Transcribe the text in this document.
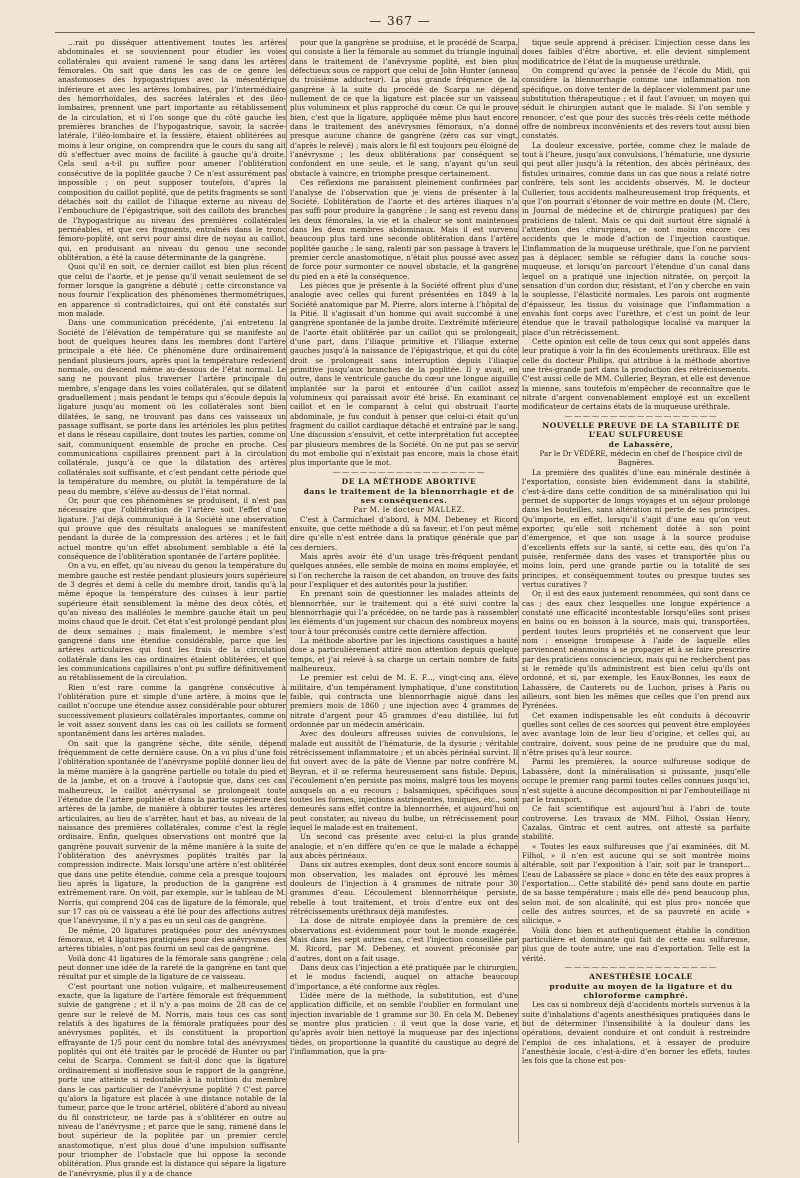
— 367 —

…rait pu disséquer attentivement toutes les artères abdominales et se souviennent pour étudier les voies collatérales qui avaient ramené le sang dans les artères fémorales. On sait que dans les cas de ce genre les anastomoses des hypogastriques avec la mésentérique inférieure et avec les artères lombaires, par l’intermédiaire des hémorrhoïdales, des sacrées latérales et des iléo-lombaires, prennent une part importante au rétablissement de la circulation, et si l’on songe que du côté gauche les premières branches de l’hypogastrique, savoir, la sacrée-latérale, l’iléo-lombaire et la fessière, étaient oblitérées au moins à leur origine, on comprendra que le cours du sang ait dû s’effectuer avec moins de facilité à gauche qu’à droite. Cela seul a-t-il pu suffire pour amener l’oblitération consécutive de la poplitée gauche ? Ce n’est assurément pas impossible ; on peut supposer toutefois, d’après la composition du caillot poplité, que de petits fragments se sont détachés soit du caillot de l’iliaque externe au niveau de l’embouchure de l’épigastrique, soit des caillots des branches de l’hypogastrique au niveau des premières collatérales perméables, et que ces fragments, entraînés dans le tronc fémoro-poplité, ont servi pour ainsi dire de noyau au caillot, qui, en produisant au niveau du genou une seconde oblitération, a été la cause déterminante de la gangrène.

Quoi qu’il en soit, ce dernier caillot est bien plus récent que celui de l’aorte, et je pense qu’il venait seulement de se former lorsque la gangrène a débuté ; cette circonstance va nous fournir l’explication des phénomènes thermométriques, en apparence si contradictoires, qui ont été constatés sur mon malade.

Dans une communication précédente, j’ai entretenu la Société de l’élévation de température qui se manifeste au bout de quelques heures dans les membres dont l’artère principale a été liée. Ce phénomène dure ordinairement pendant plusieurs jours, après quoi la température redevient normale, ou descend même au-dessous de l’état normal. Le sang ne pouvant plus traverser l’artère principale du membre, s’engage dans les voies collatérales, qui se dilatent graduellement ; mais pendant le temps qui s’écoule depuis la ligature jusqu’au moment où les collatérales sont bien dilatées, le sang, ne trouvant pas dans ces vaisseaux un passage suffisant, se porte dans les artérioles les plus petites et dans le réseau capillaire, dont toutes les parties, comme on sait, communiquent ensemble de proche en proche. Ces communications capillaires prennent part à la circulation collatérale, jusqu’à ce que la dilatation des artères collatérales soit suffisante, et c’est pendant cette période que la température du membre, ou plutôt la température de la peau du membre, s’élève au-dessus de l’état normal.

Or, pour que ces phénomènes se produisent, il n’est pas nécessaire que l’oblitération de l’artère soit l’effet d’une ligature. J’ai déjà communiqué à la Société une observation qui prouve que des résultats analogues se manifestent pendant la durée de la compression des artères ; et le fait actuel montre qu’un effet absolument semblable a été la conséquence de l’oblitération spontanée de l’artère poplitée.

On a vu, en effet, qu’au niveau du genou la température du membre gauche est restée pendant plusieurs jours supérieure de 3 degrés et demi à celle du membre droit, tandis qu’à la même époque la température des cuisses à leur partie supérieure était sensiblement la même des deux côtés, et qu’au niveau des malléoles le membre gauche était un peu moins chaud que le droit. Cet état s’est prolongé pendant plus de deux semaines ; mais finalement, le membre s’est gangrené dans une étendue considérable, parce que les artères articulaires qui font les frais de la circulation collatérale dans les cas ordinaires étaient oblitérées, et que les communications capillaires n’ont pu suffire définitivement au rétablissement de la circulation.

Rien n’est rare comme la gangrène consécutive à l’oblitération pure et simple d’une artère, à moins que le caillot n’occupe une étendue assez considérable pour obturer successivement plusieurs collatérales importantes, comme on le voit assez souvent dans les cas où les caillots se forment spontanément dans les artères malades.

On sait que la gangrène sèche, dite sénile, dépend fréquemment de cette dernière cause. On a vu plus d’une fois l’oblitération spontanée de l’anévrysme poplité donner lieu de la même manière à la gangrène partielle ou totale du pied et de la jambe, et on a trouvé à l’autopsie que, dans ces cas malheureux, le caillot anévrysmal se prolongeait toute l’étendue de l’artère poplitée et dans la partie supérieure des artères de la jambe, de manière à obturer toutes les artères articulaires, au lieu de s’arrêter, haut et bas, au niveau de la naissance des premières collatérales, comme c’est la règle ordinaire. Enfin, quelques observations ont montré que la gangrène pouvait survenir de la même manière à la suite de l’oblitération des anévrysmes poplités traités par la compression indirecte. Mais lorsqu’une artère n’est oblitérée que dans une petite étendue, comme cela a presque toujours lieu après la ligature, la production de la gangrène est extrêmement rare. On voit, par exemple, sur le tableau de M. Norris, qui comprend 204 cas de ligature de la fémorale, que sur 17 cas où ce vaisseau a été lié pour des affections autres que l’anévrysme, il n’y a pas eu un seul cas de gangrène.

De même, 20 ligatures pratiquées pour des anévrysmes fémoraux, et 4 ligatures pratiquées pour des anévrysmes des artères tibiales, n’ont pas fourni un seul cas de gangrène.

Voilà donc 41 ligatures de la fémorale sans gangrène ; cela peut donner une idée de la rareté de la gangrène en tant que résultat pur et simple de la ligature de ce vaisseau.

C’est pourtant une notion vulgaire, et malheureusement exacte, que la ligature de l’artère fémorale est fréquemment suivie de gangrène ; et il n’y a pas moins de 28 cas de ce genre sur le relevé de M. Norris, mais tous ces cas sont relatifs à des ligatures de la fémorale pratiquées pour des anévrysmes poplités, et ils constituent la proportion effrayante de 1/5 pour cent du nombre total des anévrysmes poplités qui ont été traités par le procédé de Hunter ou par celui de Scarpa. Comment se fait-il donc que la ligature ordinairement si inoffensive sous le rapport de la gangrène, porte une atteinte si redoutable à la nutrition du membre dans le cas particulier de l’anévrysme poplité ? C’est parce qu’alors la ligature est placée à une distance notable de la tumeur, parce que le tronc artériel, oblitéré d’abord au niveau du fil constricteur, ne tarde pas à s’oblitérer en outre au niveau de l’anévrysme ; et parce que le sang, ramené dans le bout supérieur de la poplitée par un premier cercle anastomotique, n’est plus doué d’une impulsion suffisante pour triompher de l’obstacle que lui oppose la seconde oblitération. Plus grande est la distance qui sépare la ligature de l’anévrysme, plus il y a de chance

pour que la gangrène se produise, et le procédé de Scarpa, qui consiste à lier la fémorale au sommet du triangle inguinal dans le traitement de l’anévrysme poplité, est bien plus défectueux sous ce rapport que celui de John Hunter (anneau du troisième adducteur). La plus grande fréquence de la gangrène à la suite du procédé de Scarpa ne dépend nullement de ce que la ligature est placée sur un vaisseau plus volumineux et plus rapproché du cœur. Ce qui le prouve bien, c’est que la ligature, appliquée même plus haut encore dans le traitement des anévrysmes fémoraux, n’a donné presque aucune chance de gangrène (zéro cas sur vingt, d’après le relevé) ; mais alors le fil est toujours peu éloigné de l’anévrysme ; les deux oblitérations par conséquent se confondent en une seule, et le sang, n’ayant qu’un seul obstacle à vaincre, en triomphe presque certainement.

Ces réflexions me paraissent pleinement confirmées par l’analyse de l’observation que je viens de présenter à la Société. L’oblitération de l’aorte et des artères iliaques n’a pas suffi pour produire la gangrène ; le sang est revenu dans les deux fémorales, la vie et la chaleur se sont maintenues dans les deux membres abdominaux. Mais il est survenu beaucoup plus tard une seconde oblitération dans l’artère poplitée gauche ; le sang, ralenti par son passage à travers le premier cercle anastomotique, n’était plus poussé avec assez de force pour surmonter ce nouvel obstacle, et la gangrène du pied en a été la conséquence.

Les pièces que je présente à la Société offrent plus d’une analogie avec celles qui furent présentées en 1849 à la Société anatomique par M. Pierre, alors interne à l’hôpital de la Pitié. Il s’agissait d’un homme qui avait succombé à une gangrène spontanée de la jambe droite. L’extrémité inférieure de l’aorte était oblitérée par un caillot qui se prolongeait, d’une part, dans l’iliaque primitive et l’iliaque externe gauches jusqu’à la naissance de l’épigastrique, et qui du côté droit se prolongeait sans interruption depuis l’iliaque primitive jusqu’aux branches de la poplitée. Il y avait, en outre, dans le ventricule gauche du cœur une longue aiguille implantée sur la paroi et entourée d’un caillot assez volumineux qui paraissait avoir été brisé. En examinant ce caillot et en le comparant à celui qui obstruait l’aorte abdominale, je fus conduit à penser que celui-ci était qu’un fragment du caillot cardiaque détaché et entraîné par le sang. Une discussion s’ensuivit, et cette interprétation fut acceptée par plusieurs membres de la Société. On ne put pas se servir du mot embolie qui n’existait pas encore, mais la chose était plus importante que le mot.

⁓⁓⁓⁓⁓⁓⁓⁓⁓⁓⁓⁓⁓⁓⁓⁓⁓

DE LA MÉTHODE ABORTIVE

dans le traitement de la blennorrhagie et de ses conséquences.

Par M. le docteur MALLEZ.

C’est à Carmichael d’abord, à MM. Debeney et Ricord ensuite, que cette méthode a dû sa faveur, et l’on peut même dire qu’elle n’est entrée dans la pratique générale que par ces derniers.

Mais après avoir été d’un usage très-fréquent pendant quelques années, elle semble de moins en moins employée, et si l’on recherche la raison de cet abandon, on trouve des faits pour l’expliquer et des autorités pour la justifier.

En prenant soin de questionner les malades atteints de blennorrhée, sur le traitement qui a été suivi contre la blennorrhagie qui l’a précédée, on ne tarde pas à rassembler les éléments d’un jugement sur chacun des nombreux moyens tour à tour préconisés contre cette dernière affection.

La méthode abortive par les injections caustiques a hauté dose a particulièrement attiré mon attention depuis quelque temps, et j’ai relevé à sa charge un certain nombre de faits malheureux.

Le premier est celui de M. E. F..., vingt-cinq ans, élève militaire, d’un tempérament lymphatique, d’une constitution faible, qui contracta une blennorrhagie aiguë dans les premiers mois de 1860 ; une injection avec 4 grammes de nitrate d’argent pour 45 grammes d’eau distillée, lui fut ordonnée par un médecin américain.

Avec des douleurs affreuses suivies de convulsions, le malade eut aussitôt de l’hématurie, de la dysurie ; véritable rétrécissement inflammatoire ; et un abcès périnéal survint. Il fut ouvert avec de la pâte de Vienne par notre confrère M. Beyran, et il se referma heureusement sans fistule. Depuis, l’écoulement n’en persiste pas moins, malgré tous les moyens auxquels on a eu recours ; balsamiques, spécifiques sous toutes les formes, injections astringentes, toniques, etc., sont demeurés sans effet contre la blennorrhée, et aujourd’hui on peut constater, au niveau du bulbe, un rétrécissement pour lequel le malade est en traitement.

Un second cas présente avec celui-ci la plus grande analogie, et n’en diffère qu’en ce que le malade a échappé aux abcès périnéaux.

Dans six autres exemples, dont deux sont encore soumis à mon observation, les malades ont éprouvé les mêmes douleurs de l’injection à 4 grammes de nitrate pour 30 grammes d’eau. L’écoulement blennorrhéique persiste, rebelle à tout traitement, et trois d’entre eux ont des rétrécissements uréthraux déjà manifestes.

La dose de nitrate employée dans la première de ces observations est évidemment pour tout le monde exagérée. Mais dans les sept autres cas, c’est l’injection conseillée par M. Ricord, par M. Debeney, et souvent préconisée par d’autres, dont on a fait usage.

Dans deux cas l’injection a été pratiquée par le chirurgien, et le modus faciendi, auquel on attache beaucoup d’importance, a été conforme aux règles.

L’idée mère de la méthode, la substitution, est d’une application difficile, et on semble l’oublier en formulant une injection invariable de 1 gramme sur 30. En cela M. Debeney se montre plus praticien : il veut que la dose varie, et qu’après avoir bien nettoyé la muqueuse par des injections tièdes, on proportionne la quantité du caustique au degré de l’inflammation, que la pra-

tique seule apprend à préciser. L’injection cesse dans les doses faibles d’être abortive, et elle devient simplement modificatrice de l’état de la muqueuse uréthrale.

On comprend qu’avec la pensée de l’école du Midi, qui considère la blennorrhagie comme une inflammation non spécifique, on doive tenter de la déplacer violemment par une substitution thérapeutique ; et il faut l’avouer, un moyen qui séduit le chirurgien autant que le malade. Si l’on semble y renoncer, c’est que pour des succès très-réels cette méthode offre de nombreux inconvénients et des revers tout aussi bien constatés.

La douleur excessive, portée, comme chez le malade de tout à l’heure, jusqu’aux convulsions, l’hématurie, une dysurie qui peut aller jusqu’à la rétention, des abcès périnéaux, des fistules urinaires, comme dans un cas que nous a relaté notre confrère, tels sont les accidents observés. M. le docteur Cullerier, tous accidents malheureusement trop fréquents, et que l’on pourrait s’étonner de voir mettre en doute (M. Clerc, in Journal de médecine et de chirurgie pratiques) par des praticiens de talent. Mais ce qui doit surtout être signalé à l’attention des chirurgiens, ce sont moins encore ces accidents que le mode d’action de l’injection caustique. L’inflammation de la muqueuse uréthrale, que l’on ne parvient pas à déplacer, semble se réfugier dans la couche sous-muqueuse, et lorsqu’on parcourt l’étendue d’un canal dans lequel on a pratiqué une injection nitratée, on perçoit la sensation d’un cordon dur, résistant, et l’on y cherche en vain la souplesse, l’élasticité normales. Les parois ont augmenté d’épaisseur, les tissus du voisinage que l’inflammation a envahis font corps avec l’urèthre, et c’est un point de leur étendue que le travail pathologique localisé va marquer la place d’un rétrécissement.

Cette opinion est celle de tous ceux qui sont appelés dans leur pratique à voir la fin des écoulements uréthraux. Elle est celle du docteur Philips, qui attribue à la méthode abortive une très-grande part dans la production des rétrécissements. C’est aussi celle de MM. Cullerier, Beyran, et elle est devenue la mienne, sans toutefois m’empêcher de reconnaître que le nitrate d’argent convenablement employé est un excellent modificateur de certains états de la muqueuse uréthrale.

⁓⁓⁓⁓⁓⁓⁓⁓⁓⁓⁓⁓⁓⁓⁓⁓⁓

NOUVELLE PREUVE DE LA STABILITÉ DE L’EAU SULFUREUSE

de Labassère,

Par le Dr VÉDÈRE, médecin en chef de l’hospice civil de Bagnères.

La première des qualités d’une eau minérale destinée à l’exportation, consiste bien évidemment dans la stabilité, c’est-à-dire dans cette condition de sa minéralisation qui lui permet de supporter de longs voyages et un séjour prolongé dans les bouteilles, sans altération ni perte de ses principes. Qu’importe, en effet, lorsqu’il s’agit d’une eau qu’on veut exporter, qu’elle soit richement dotée à son point d’émergence, et que son usage à la source produise d’excellents effets sur la santé, si cette eau, dès qu’on l’a puisée, renfermée dans des vases et transportée plus ou moins loin, perd une grande partie ou la totalité de ses principes, et conséquemment toutes ou presque toutes ses vertus curatives ?

Or, il est des eaux justement renommées, qui sont dans ce cas ; des eaux chez lesquelles une longue expérience a constaté une efficacité incontestable lorsqu’elles sont prises en bains ou en boisson à la source, mais qui, transportées, perdent toutes leurs propriétés et ne conservent que leur nom : enseigne trompeuse à l’aide de laquelle elles parviennent néanmoins à se propager et à se faire prescrire par des praticiens consciencieux, mais qui ne recherchent pas si le remède qu’ils administrent est bien celui qu’ils ont ordonné, et si, par exemple, les Eaux-Bonnes, les eaux de Labassère, de Cauterets ou de Luchon, prises à Paris ou ailleurs, sont bien les mêmes que celles que l’on prend aux Pyrénées.

Cet examen indispensable les eût conduits à découvrir quelles sont celles de ces sources qui peuvent être employées avec avantage loin de leur lieu d’origine, et celles qui, au contraire, doivent, sous peine de ne produire que du mal, n’être prises qu’à leur source.

Parmi les premières, la source sulfureuse sodique de Labassère, dont la minéralisation si puissante, jusqu’elle occupe le premier rang parmi toutes celles connues jusqu’ici, n’est sujette à aucune décomposition ni par l’embouteillage ni par le transport.

Ce fait scientifique est aujourd’hui à l’abri de toute controverse. Les travaux de MM. Filhol, Ossian Henry, Cazalas, Gintrac et cent autres, ont attesté sa parfaite stabilité.

« Toutes les eaux sulfureuses que j’ai examinées, dit M. Filhol, » il n’en est aucune qui se soit montrée moins altérable, soit par l’exposition à l’air, soit par le transport... L’eau de Labassère se place » donc en tête des eaux propres à l’exportation... Cette stabilité dé» pend sans doute en partie de sa basse température ; mais elle dé» pend beaucoup plus, selon moi, de son alcalinité, qui est plus pro» noncée que celle des autres sources, et de sa pauvreté en acide » silicique. »

Voilà donc bien et authentiquement établie la condition particulière et dominante qui fait de cette eau sulfureuse, plus que de toute autre, une eau d’exportation. Telle est la vérité.

⁓⁓⁓⁓⁓⁓⁓⁓⁓⁓⁓⁓⁓⁓⁓⁓⁓

ANESTHÉSIE LOCALE

produite au moyen de la ligature et du chloroforme camphré.

Les cas si nombreux déjà d’accidents mortels survenus à la suite d’inhalations d’agents anesthésiques pratiquées dans le but de déterminer l’insensibilité à la douleur dans les opérations, devaient conduire et ont conduit à restreindre l’emploi de ces inhalations, et à essayer de produire l’anesthésie locale, c’est-à-dire d’en borner les effets, toutes les fois que la chose est pos-
